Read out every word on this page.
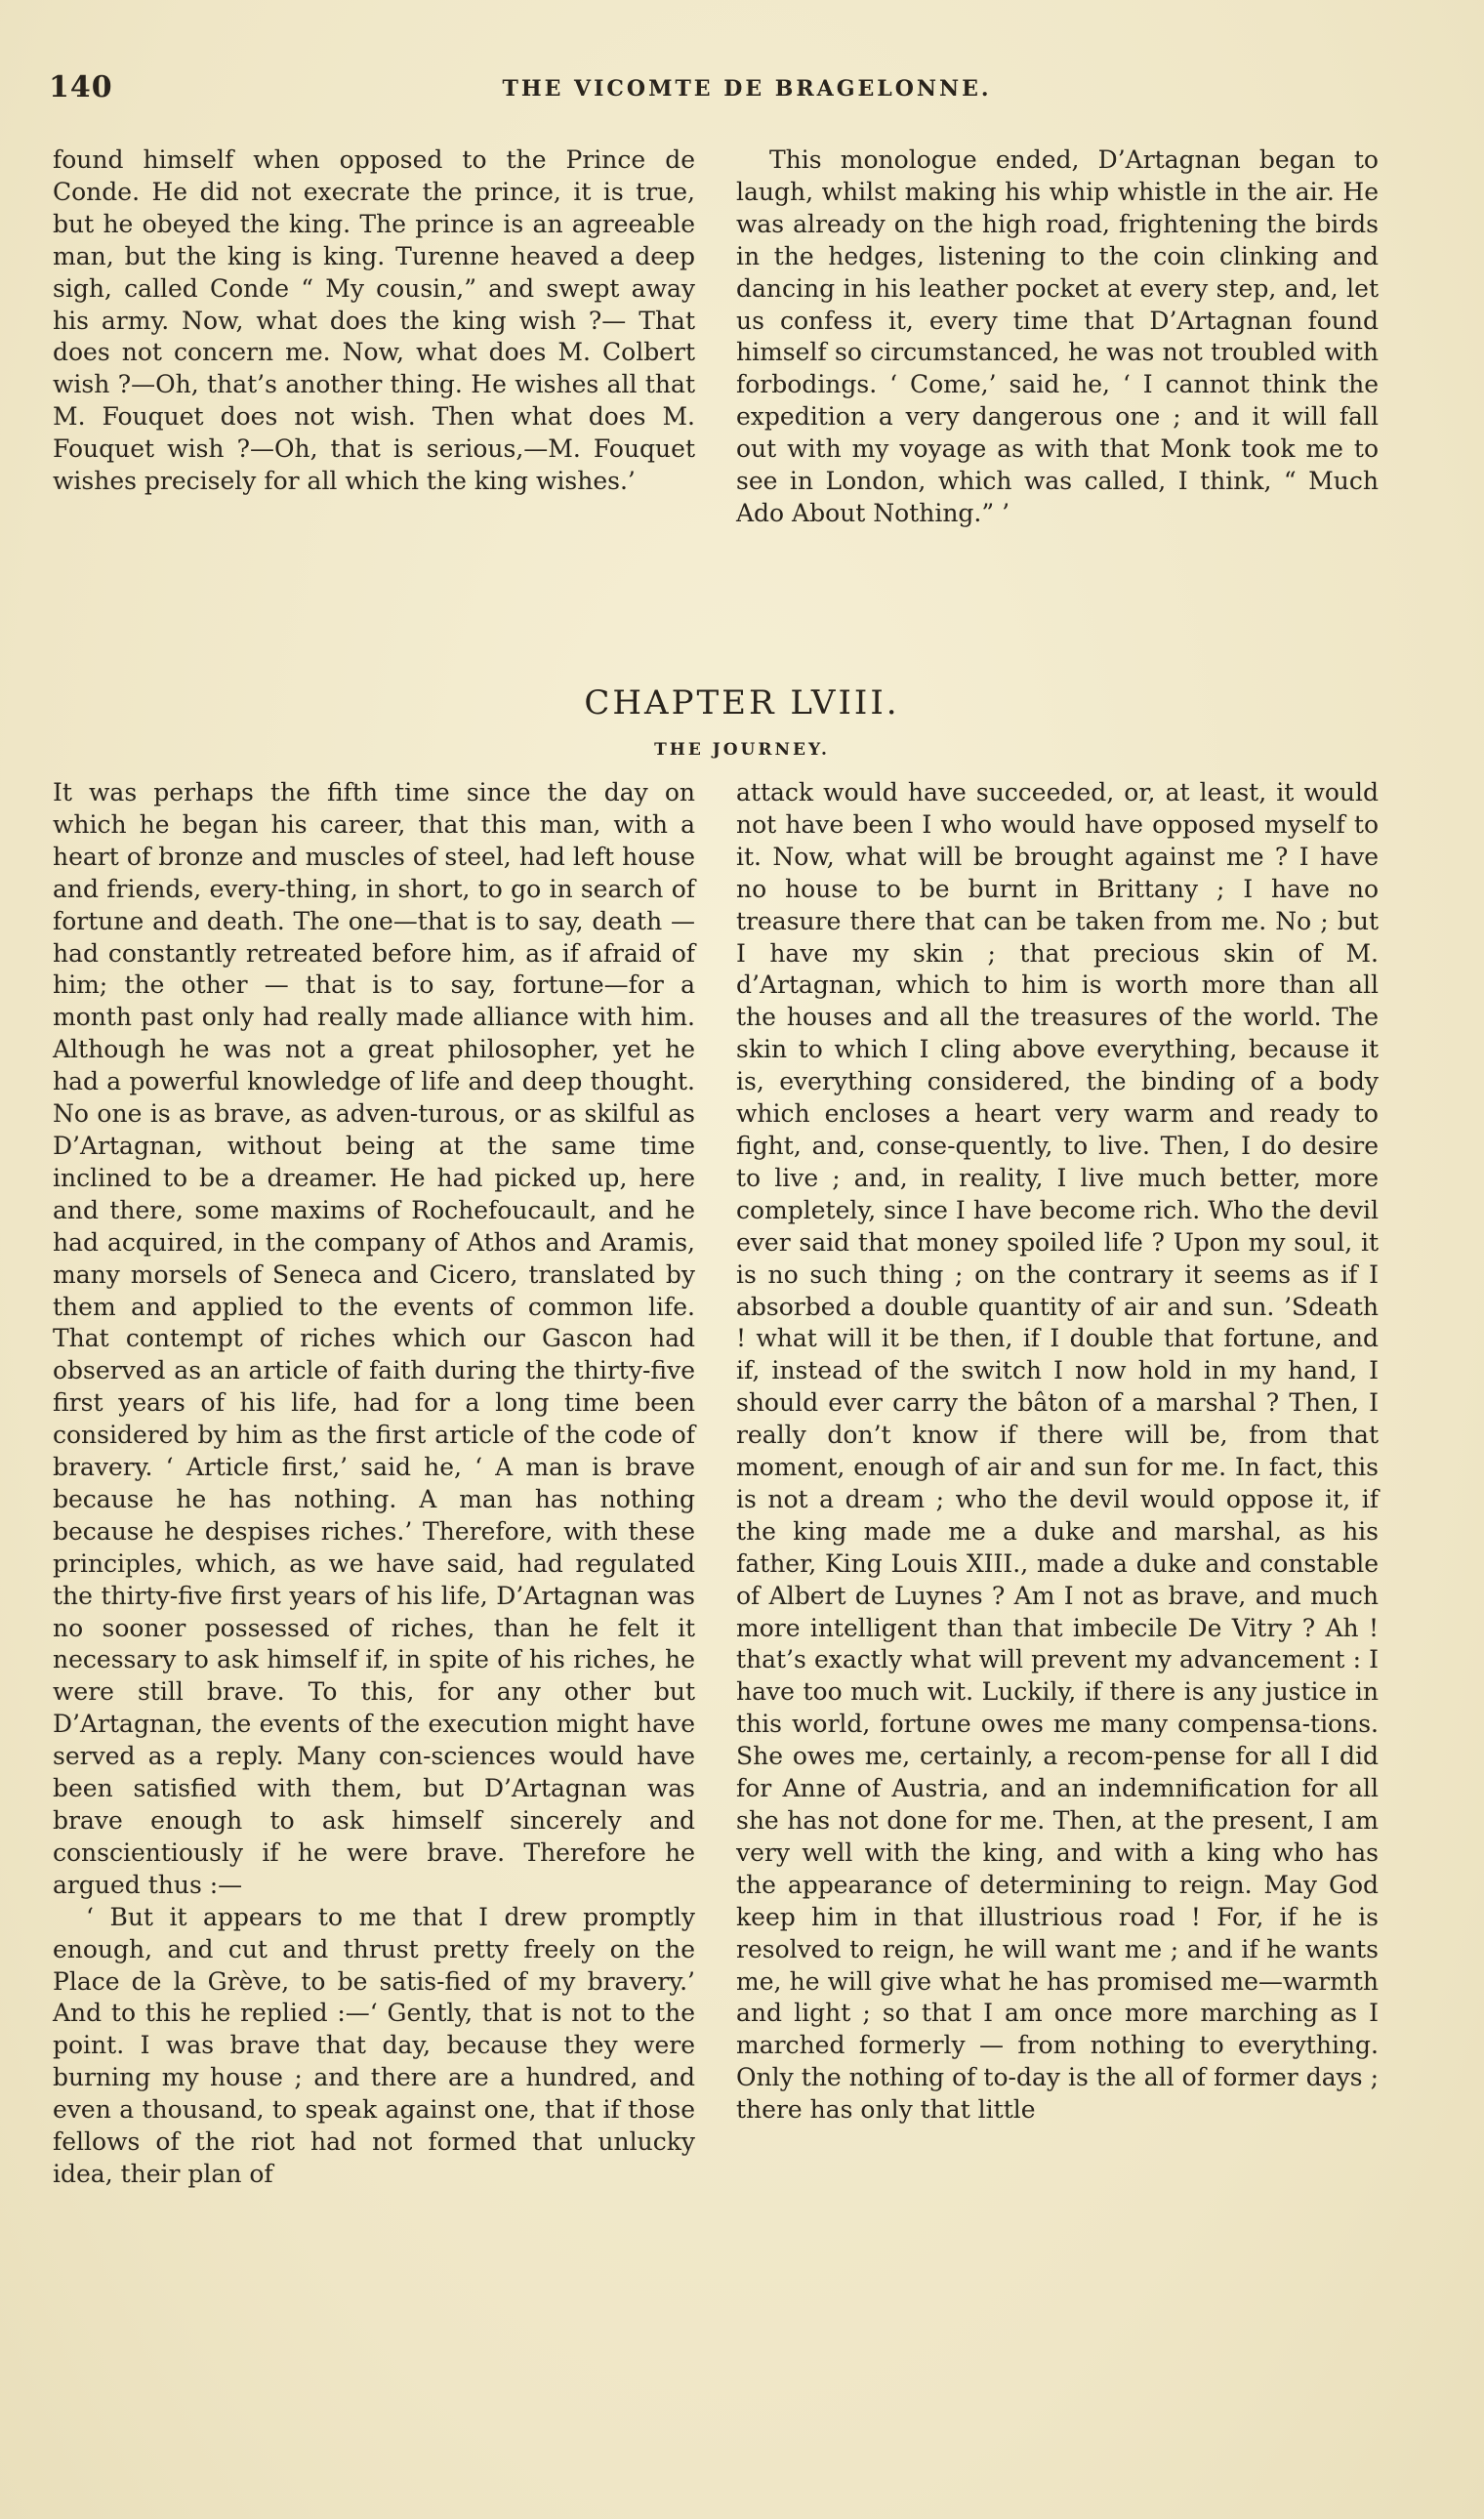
140	THE VICOMTE DE BRAGELONNE.

found himself when opposed to the Prince de Conde. He did not execrate the prince, it is true, but he obeyed the king. The prince is an agreeable man, but the king is king. Turenne heaved a deep sigh, called Conde “ My cousin,” and swept away his army. Now, what does the king wish ?— That does not concern me. Now, what does M. Colbert wish ?—Oh, that’s another thing. He wishes all that M. Fouquet does not wish. Then what does M. Fouquet wish ?—Oh, that is serious,—M. Fouquet wishes precisely for all which the king wishes.’

This monologue ended, D’Artagnan began to laugh, whilst making his whip whistle in the air. He was already on the high road, frightening the birds in the hedges, listening to the coin clinking and dancing in his leather pocket at every step, and, let us confess it, every time that D’Artagnan found himself so circumstanced, he was not troubled with forbodings. ‘ Come,’ said he, ‘ I cannot think the expedition a very dangerous one ; and it will fall out with my voyage as with that Monk took me to see in London, which was called, I think, “ Much Ado About Nothing.” ’

CHAPTER LVIII.
THE JOURNEY.

It was perhaps the fifth time since the day on which he began his career, that this man, with a heart of bronze and muscles of steel, had left house and friends, every-thing, in short, to go in search of fortune and death. The one—that is to say, death —had constantly retreated before him, as if afraid of him; the other — that is to say, fortune—for a month past only had really made alliance with him. Although he was not a great philosopher, yet he had a powerful knowledge of life and deep thought. No one is as brave, as adven-turous, or as skilful as D’Artagnan, without being at the same time inclined to be a dreamer. He had picked up, here and there, some maxims of Rochefoucault, and he had acquired, in the company of Athos and Aramis, many morsels of Seneca and Cicero, translated by them and applied to the events of common life. That contempt of riches which our Gascon had observed as an article of faith during the thirty-five first years of his life, had for a long time been considered by him as the first article of the code of bravery. ‘ Article first,’ said he, ‘ A man is brave because he has nothing. A man has nothing because he despises riches.’ Therefore, with these principles, which, as we have said, had regulated the thirty-five first years of his life, D’Artagnan was no sooner possessed of riches, than he felt it necessary to ask himself if, in spite of his riches, he were still brave. To this, for any other but D’Artagnan, the events of the execution might have served as a reply. Many con-sciences would have been satisfied with them, but D’Artagnan was brave enough to ask himself sincerely and conscientiously if he were brave. Therefore he argued thus :—

‘ But it appears to me that I drew promptly enough, and cut and thrust pretty freely on the Place de la Grève, to be satis-fied of my bravery.’ And to this he replied :—‘ Gently, that is not to the point. I was brave that day, because they were burning my house ; and there are a hundred, and even a thousand, to speak against one, that if those fellows of the riot had not formed that unlucky idea, their plan of

attack would have succeeded, or, at least, it would not have been I who would have opposed myself to it. Now, what will be brought against me ? I have no house to be burnt in Brittany ; I have no treasure there that can be taken from me. No ; but I have my skin ; that precious skin of M. d’Artagnan, which to him is worth more than all the houses and all the treasures of the world. The skin to which I cling above everything, because it is, everything considered, the binding of a body which encloses a heart very warm and ready to fight, and, conse-quently, to live. Then, I do desire to live ; and, in reality, I live much better, more completely, since I have become rich. Who the devil ever said that money spoiled life ? Upon my soul, it is no such thing ; on the contrary it seems as if I absorbed a double quantity of air and sun. ’Sdeath ! what will it be then, if I double that fortune, and if, instead of the switch I now hold in my hand, I should ever carry the bâton of a marshal ? Then, I really don’t know if there will be, from that moment, enough of air and sun for me. In fact, this is not a dream ; who the devil would oppose it, if the king made me a duke and marshal, as his father, King Louis XIII., made a duke and constable of Albert de Luynes ? Am I not as brave, and much more intelligent than that imbecile De Vitry ? Ah ! that’s exactly what will prevent my advancement : I have too much wit. Luckily, if there is any justice in this world, fortune owes me many compensa-tions. She owes me, certainly, a recom-pense for all I did for Anne of Austria, and an indemnification for all she has not done for me. Then, at the present, I am very well with the king, and with a king who has the appearance of determining to reign. May God keep him in that illustrious road ! For, if he is resolved to reign, he will want me ; and if he wants me, he will give what he has promised me—warmth and light ; so that I am once more marching as I marched formerly — from nothing to everything. Only the nothing of to-day is the all of former days ; there has only that little
